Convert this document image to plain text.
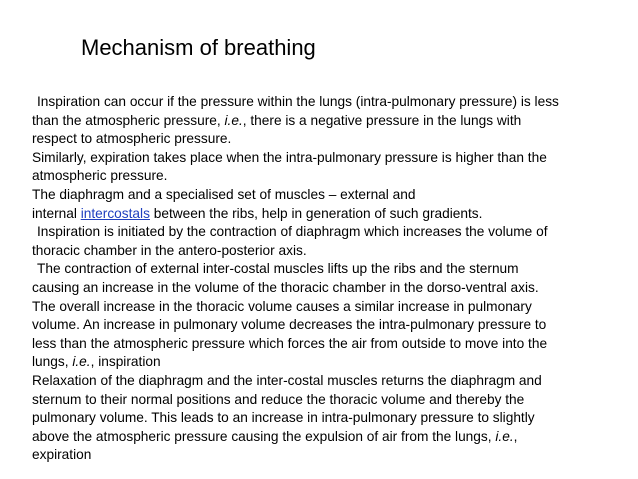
Mechanism of breathing
Inspiration can occur if the pressure within the lungs (intra-pulmonary pressure) is less
than the atmospheric pressure, i.e., there is a negative pressure in the lungs with
respect to atmospheric pressure.
Similarly, expiration takes place when the intra-pulmonary pressure is higher than the
atmospheric pressure.
The diaphragm and a specialised set of muscles – external and
internal intercostals between the ribs, help in generation of such gradients.
Inspiration is initiated by the contraction of diaphragm which increases the volume of
thoracic chamber in the antero-posterior axis.
The contraction of external inter-costal muscles lifts up the ribs and the sternum
causing an increase in the volume of the thoracic chamber in the dorso-ventral axis.
The overall increase in the thoracic volume causes a similar increase in pulmonary
volume. An increase in pulmonary volume decreases the intra-pulmonary pressure to
less than the atmospheric pressure which forces the air from outside to move into the
lungs, i.e., inspiration
Relaxation of the diaphragm and the inter-costal muscles returns the diaphragm and
sternum to their normal positions and reduce the thoracic volume and thereby the
pulmonary volume. This leads to an increase in intra-pulmonary pressure to slightly
above the atmospheric pressure causing the expulsion of air from the lungs, i.e.,
expiration
